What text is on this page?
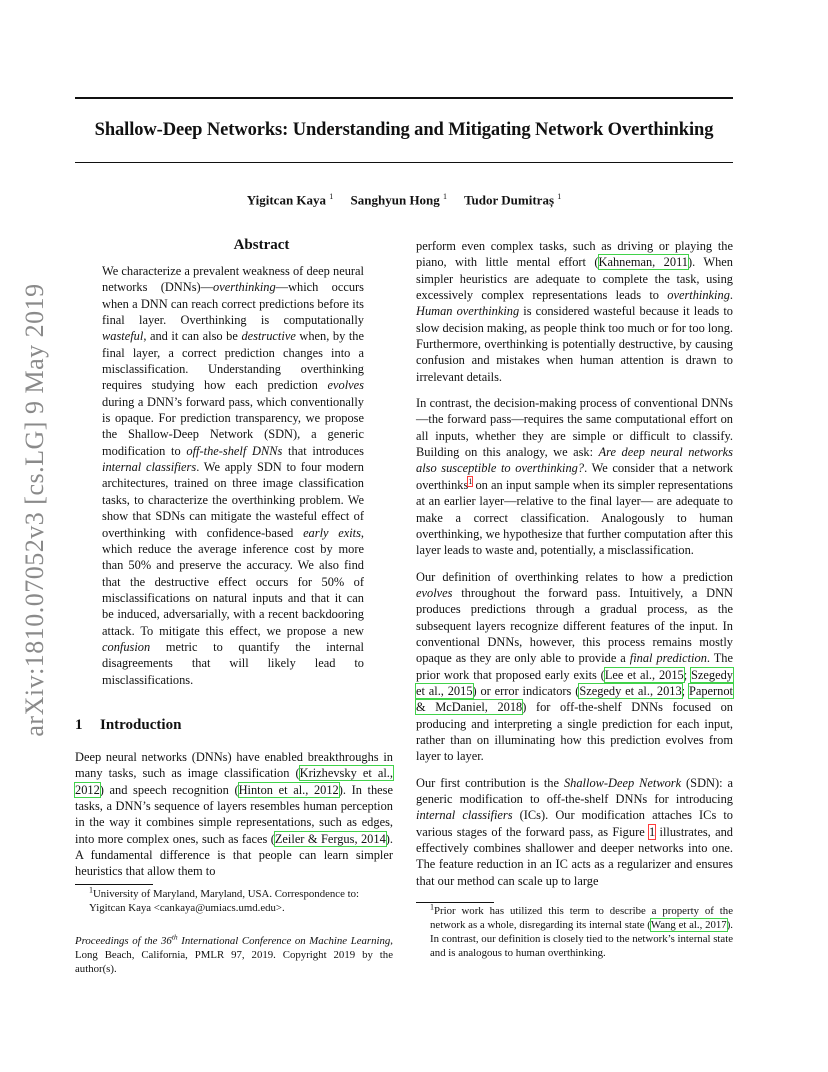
Shallow-Deep Networks: Understanding and Mitigating Network Overthinking
Yigitcan Kaya $^1$ Sanghyun Hong $^1$ Tudor Dumitraș $^1$
arXiv:1810.07052v3 [cs.LG] 9 May 2019
Abstract
We characterize a prevalent weakness of deep neural networks (DNNs)—overthinking—which occurs when a DNN can reach correct predictions before its final layer. Overthinking is computationally wasteful, and it can also be destructive when, by the final layer, a correct prediction changes into a misclassification. Understanding overthinking requires studying how each prediction evolves during a DNN’s forward pass, which conventionally is opaque. For prediction transparency, we propose the Shallow-Deep Network (SDN), a generic modification to off-the-shelf DNNs that introduces internal classifiers. We apply SDN to four modern architectures, trained on three image classification tasks, to characterize the overthinking problem. We show that SDNs can mitigate the wasteful effect of overthinking with confidence-based early exits, which reduce the average inference cost by more than 50% and preserve the accuracy. We also find that the destructive effect occurs for 50% of misclassifications on natural inputs and that it can be induced, adversarially, with a recent backdooring attack. To mitigate this effect, we propose a new confusion metric to quantify the internal disagreements that will likely lead to misclassifications.
1 Introduction
Deep neural networks (DNNs) have enabled breakthroughs in many tasks, such as image classification (Krizhevsky et al., 2012) and speech recognition (Hinton et al., 2012). In these tasks, a DNN’s sequence of layers resembles human perception in the way it combines simple representations, such as edges, into more complex ones, such as faces (Zeiler & Fergus, 2014). A fundamental difference is that people can learn simpler heuristics that allow them to

perform even complex tasks, such as driving or playing the piano, with little mental effort (Kahneman, 2011). When simpler heuristics are adequate to complete the task, using excessively complex representations leads to overthinking. Human overthinking is considered wasteful because it leads to slow decision making, as people think too much or for too long. Furthermore, overthinking is potentially destructive, by causing confusion and mistakes when human attention is drawn to irrelevant details.

In contrast, the decision-making process of conventional DNNs—the forward pass—requires the same computational effort on all inputs, whether they are simple or difficult to classify. Building on this analogy, we ask: Are deep neural networks also susceptible to overthinking?. We consider that a network overthinks$^1$ on an input sample when its simpler representations at an earlier layer—relative to the final layer— are adequate to make a correct classification. Analogously to human overthinking, we hypothesize that further computation after this layer leads to waste and, potentially, a misclassification.

Our definition of overthinking relates to how a prediction evolves throughout the forward pass. Intuitively, a DNN produces predictions through a gradual process, as the subsequent layers recognize different features of the input. In conventional DNNs, however, this process remains mostly opaque as they are only able to provide a final prediction. The prior work that proposed early exits (Lee et al., 2015; Szegedy et al., 2015) or error indicators (Szegedy et al., 2013; Papernot & McDaniel, 2018) for off-the-shelf DNNs focused on producing and interpreting a single prediction for each input, rather than on illuminating how this prediction evolves from layer to layer.

Our first contribution is the Shallow-Deep Network (SDN): a generic modification to off-the-shelf DNNs for introducing internal classifiers (ICs). Our modification attaches ICs to various stages of the forward pass, as Figure 1 illustrates, and effectively combines shallower and deeper networks into one. The feature reduction in an IC acts as a regularizer and ensures that our method can scale up to large

$^1$University of Maryland, Maryland, USA. Correspondence to: Yigitcan Kaya <cankaya@umiacs.umd.edu>.
Proceedings of the 36th International Conference on Machine Learning, Long Beach, California, PMLR 97, 2019. Copyright 2019 by the author(s).
$^1$Prior work has utilized this term to describe a property of the network as a whole, disregarding its internal state (Wang et al., 2017). In contrast, our definition is closely tied to the network’s internal state and is analogous to human overthinking.
